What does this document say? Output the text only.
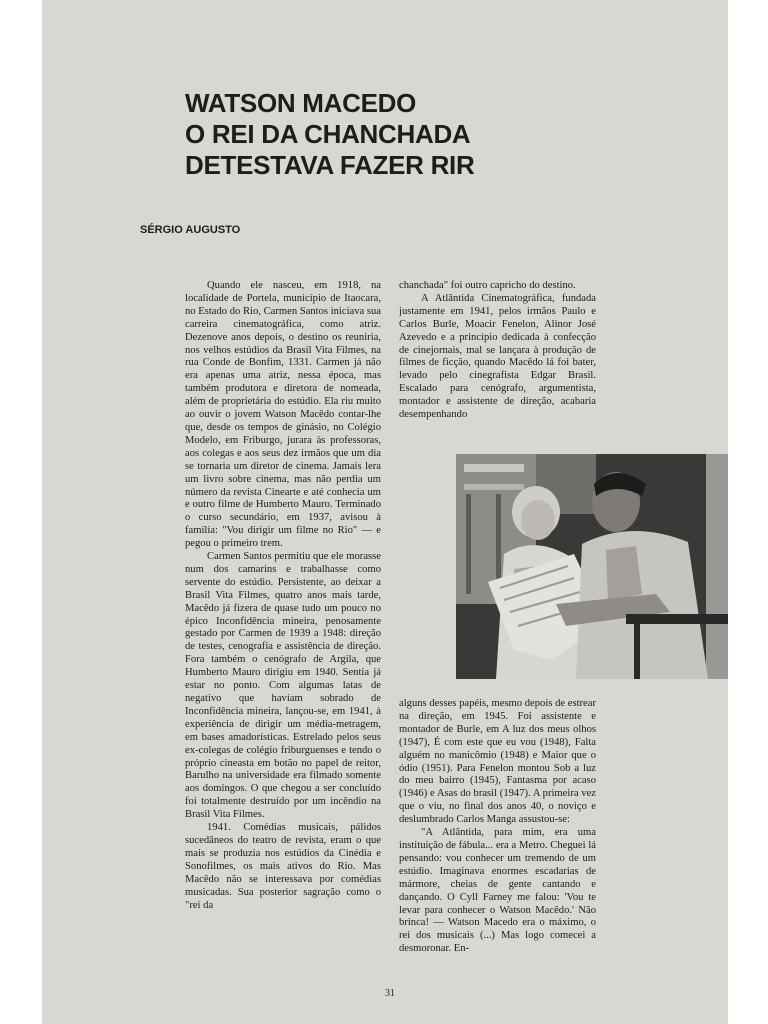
WATSON MACEDO
O REI DA CHANCHADA
DETESTAVA FAZER RIR
SÉRGIO AUGUSTO

Quando ele nasceu, em 1918, na localidade de Portela, município de Itaocara, no Estado do Rio, Carmen Santos iniciava sua carreira cinematográfica, como atriz. Dezenove anos depois, o destino os reuniria, nos velhos estúdios da Brasil Vita Filmes, na rua Conde de Bonfim, 1331. Carmen já não era apenas uma atriz, nessa época, mas também produtora e diretora de nomeada, além de proprietária do estúdio. Ela riu muito ao ouvir o jovem Watson Macêdo contar-lhe que, desde os tempos de ginásio, no Colégio Modelo, em Friburgo, jurara às professoras, aos colegas e aos seus dez irmãos que um dia se tornaria um diretor de cinema. Jamais lera um livro sobre cinema, mas não perdia um número da revista Cinearte e até conhecia um e outro filme de Humberto Mauro. Terminado o curso secundário, em 1937, avisou à família: "Vou dirigir um filme no Rio" — e pegou o primeiro trem.

Carmen Santos permitiu que ele morasse num dos camarins e trabalhasse como servente do estúdio. Persistente, ao deixar a Brasil Vita Filmes, quatro anos mais tarde, Macêdo já fizera de quase tudo um pouco no épico Inconfidência mineira, penosamente gestado por Carmen de 1939 a 1948: direção de testes, cenografia e assistência de direção. Fora também o cenógrafo de Argila, que Humberto Mauro dirigiu em 1940. Sentia já estar no ponto. Com algumas latas de negativo que haviam sobrado de Inconfidência mineira, lançou-se, em 1941, à experiência de dirigir um média-metragem, em bases amadorísticas. Estrelado pelos seus ex-colegas de colégio friburguenses e tendo o próprio cineasta em botão no papel de reitor, Barulho na universidade era filmado somente aos domingos. O que chegou a ser concluído foi totalmente destruído por um incêndio na Brasil Vita Filmes.

1941. Comédias musicais, pálidos sucedâneos do teatro de revista, eram o que mais se produzia nos estúdios da Cinédia e Sonofilmes, os mais ativos do Rio. Mas Macêdo não se interessava por comédias musicadas. Sua posterior sagração como o "rei da

chanchada" foi outro capricho do destino.

A Atlântida Cinematográfica, fundada justamente em 1941, pelos irmãos Paulo e Carlos Burle, Moacir Fenelon, Alinor José Azevedo e a princípio dedicada à confecção de cinejornais, mal se lançara à produção de filmes de ficção, quando Macêdo lá foi bater, levado pelo cinegrafista Edgar Brasil. Escalado para cenógrafo, argumentista, montador e assistente de direção, acabaria desempenhando

alguns desses papéis, mesmo depois de estrear na direção, em 1945. Foi assistente e montador de Burle, em A luz dos meus olhos (1947), É com este que eu vou (1948), Falta alguém no manicômio (1948) e Maior que o ódio (1951). Para Fenelon montou Sob a luz do meu bairro (1945), Fantasma por acaso (1946) e Asas do brasil (1947). A primeira vez que o viu, no final dos anos 40, o noviço e deslumbrado Carlos Manga assustou-se:

"A Atlântida, para mim, era uma instituição de fábula... era a Metro. Cheguei lá pensando: vou conhecer um tremendo de um estúdio. Imaginava enormes escadarias de mármore, cheias de gente cantando e dançando. O Cyll Farney me falou: 'Vou te levar para conhecer o Watson Macêdo.' Não brinca! — Watson Macedo era o máximo, o rei dos musicais (...) Mas logo comecei a desmoronar. En-

31
